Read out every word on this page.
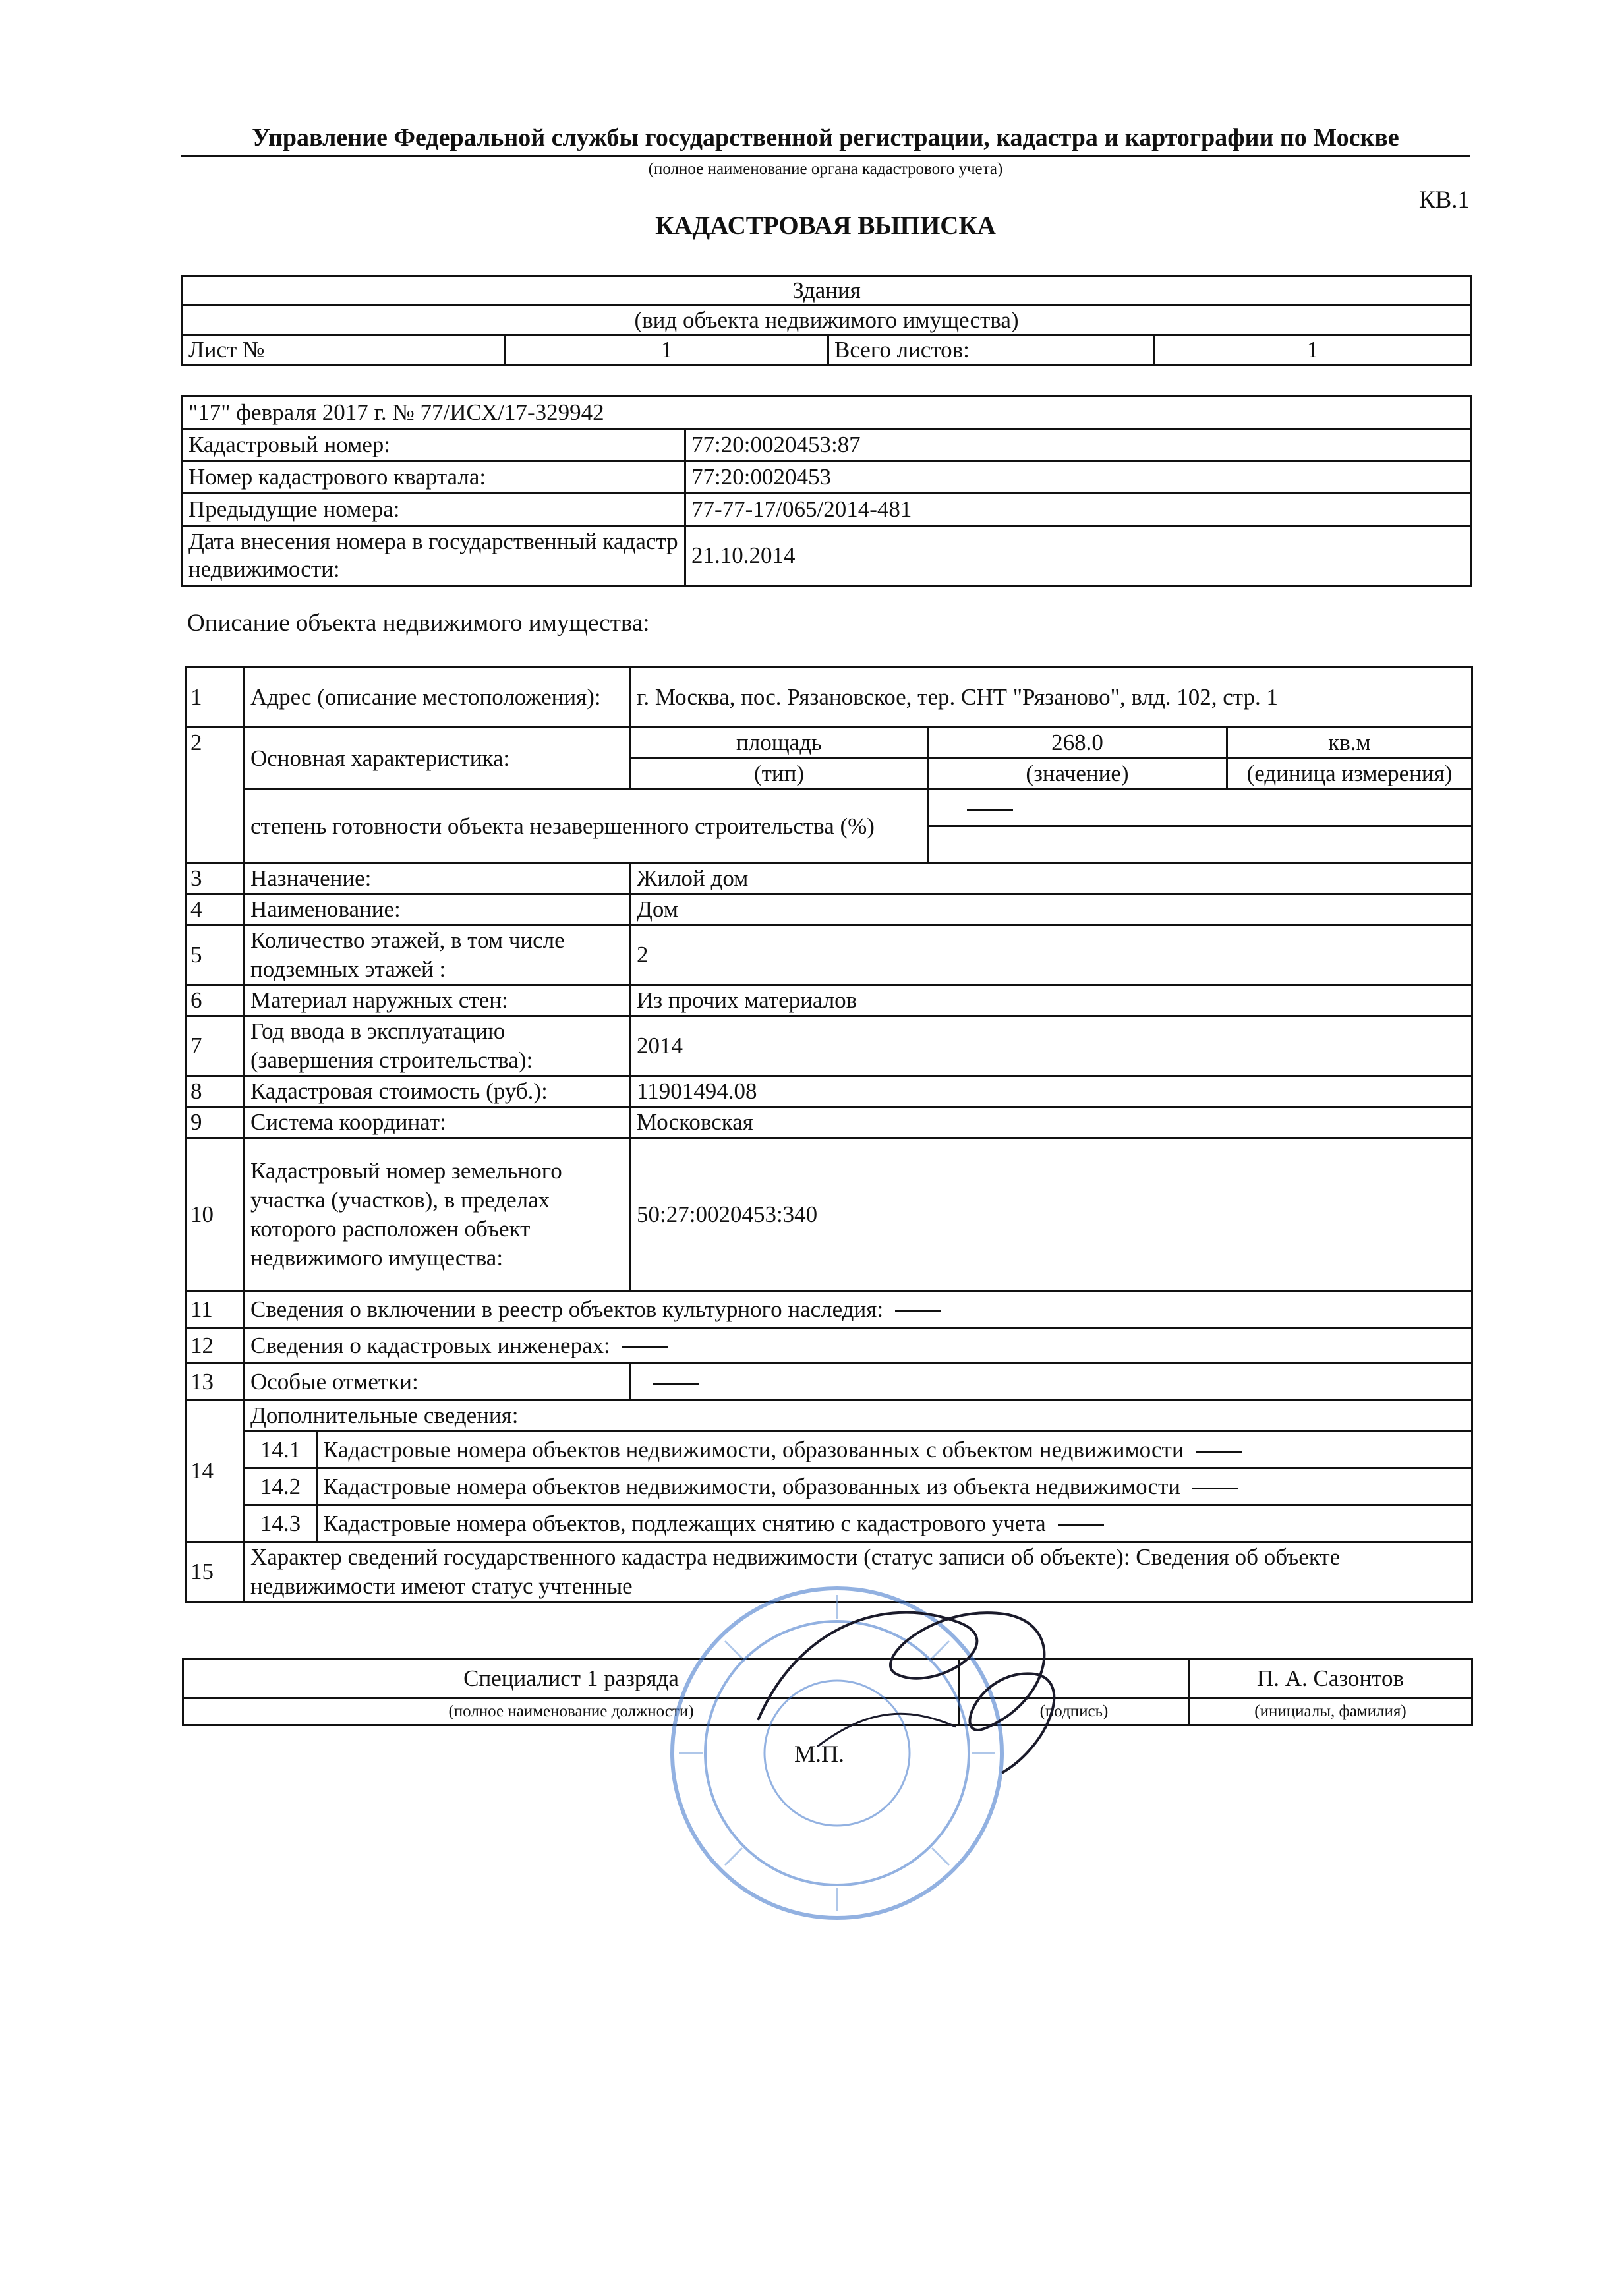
Управление Федеральной службы государственной регистрации, кадастра и картографии по Москве
(полное наименование органа кадастрового учета)
КВ.1
КАДАСТРОВАЯ ВЫПИСКА
Здания
(вид объекта недвижимого имущества)
Лист №	1	Всего листов:	1
"17" февраля 2017 г. № 77/ИСХ/17-329942	
Кадастровый номер:	77:20:0020453:87
Номер кадастрового квартала:	77:20:0020453
Предыдущие номера:	77-77-17/065/2014-481
Дата внесения номера в государственный кадастр недвижимости:	21.10.2014
Описание объекта недвижимого имущества:
1	Адрес (описание местоположения):		г. Москва, пос. Рязановское, тер. СНТ "Рязаново", влд. 102, стр. 1		
2	Основная характеристика:		площадь	268.0	кв.м
			(тип)	(значение)	(единица измерения)
	степень готовности объекта незавершенного строительства (%)				

3	Назначение:		Жилой дом		
4	Наименование:		Дом		
5	Количество этажей, в том числе подземных этажей :		2		
6	Материал наружных стен:		Из прочих материалов		
7	Год ввода в эксплуатацию (завершения строительства):		2014		
8	Кадастровая стоимость (руб.):		11901494.08		
9	Система координат:		Московская		
10	Кадастровый номер земельного участка (участков), в пределах которого расположен объект недвижимого имущества:		50:27:0020453:340		
11	Сведения о включении в реестр объектов культурного наследия:				
12	Сведения о кадастровых инженерах:				
13	Особые отметки:				
14	Дополнительные сведения:				
	14.1	Кадастровые номера объектов недвижимости, образованных с объектом недвижимости			
	14.2	Кадастровые номера объектов недвижимости, образованных из объекта недвижимости			
	14.3	Кадастровые номера объектов, подлежащих снятию с кадастрового учета			
15	Характер сведений государственного кадастра недвижимости (статус записи об объекте): Сведения об объекте недвижимости имеют статус учтенные				
Специалист 1 разряда		П. А. Сазонтов
(полное наименование должности)	(подпись)	(инициалы, фамилия)
М.П.
